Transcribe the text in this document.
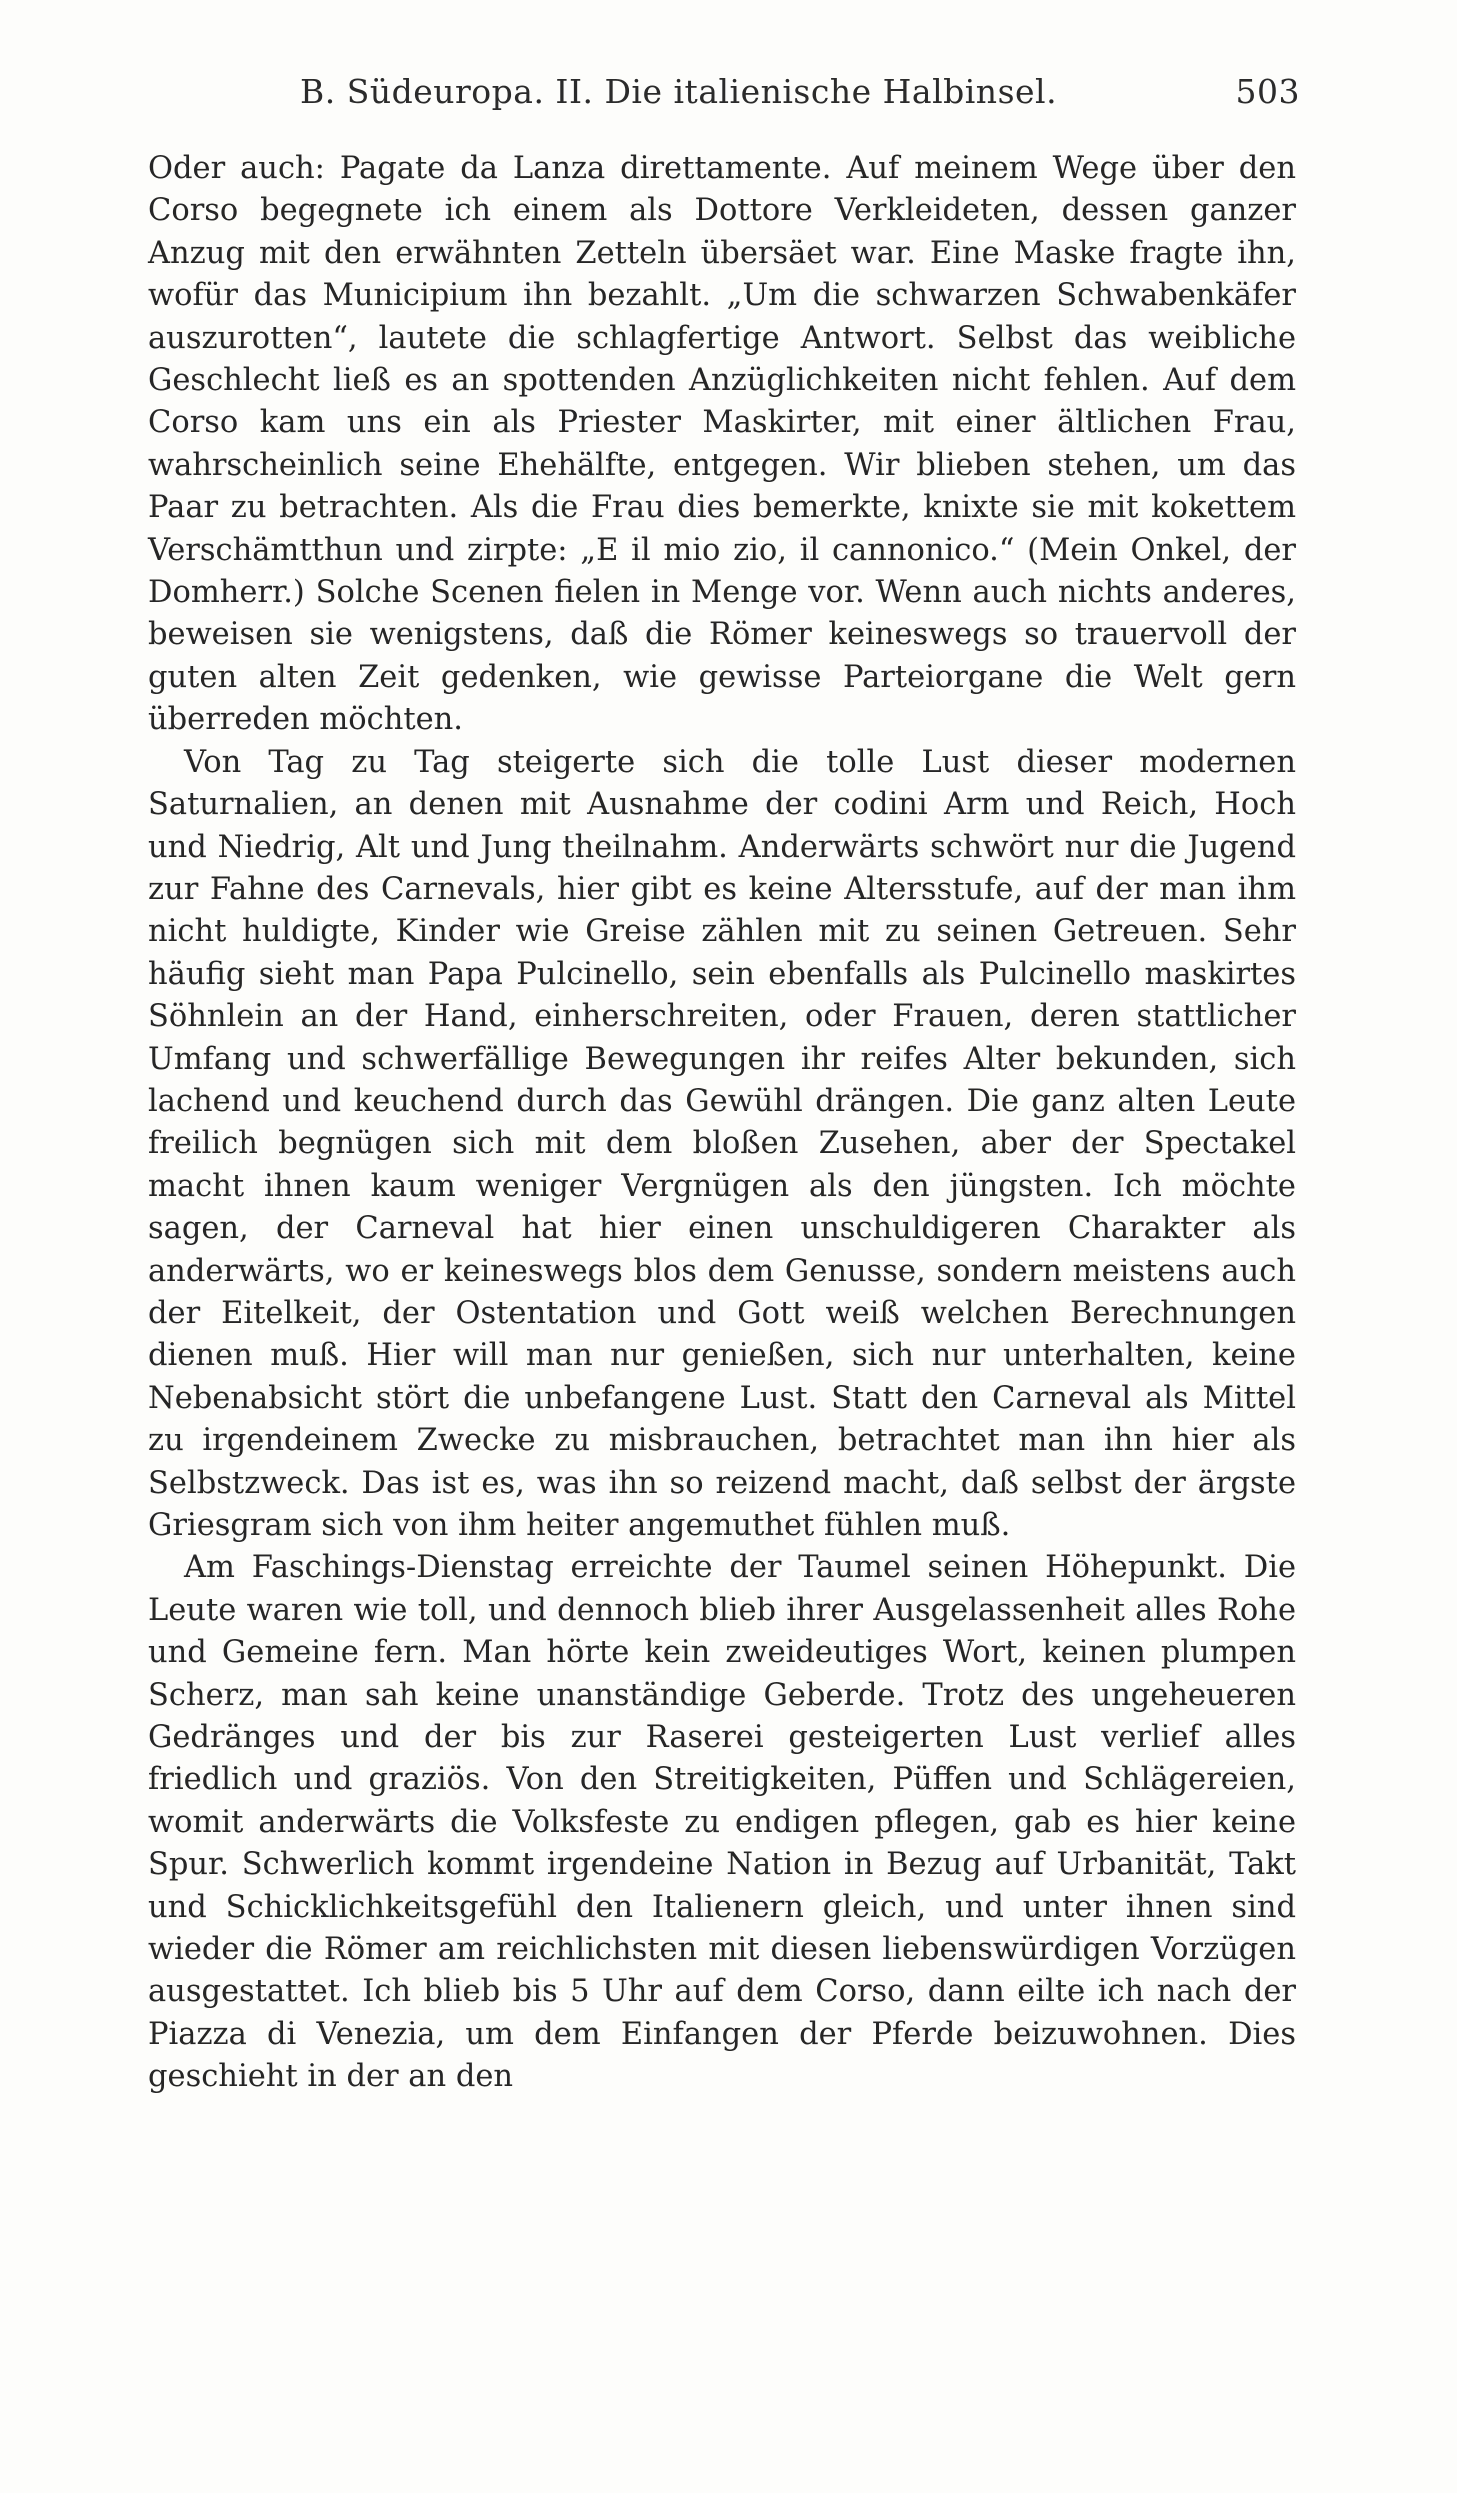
B. Südeuropa. II. Die italienische Halbinsel.	503

Oder auch: Pagate da Lanza direttamente. Auf meinem Wege über den Corso begegnete ich einem als Dottore Verkleideten, dessen ganzer Anzug mit den erwähnten Zetteln übersäet war. Eine Maske fragte ihn, wofür das Municipium ihn bezahlt. „Um die schwarzen Schwabenkäfer auszurotten“, lautete die schlagfertige Antwort. Selbst das weibliche Geschlecht ließ es an spottenden Anzüglichkeiten nicht fehlen. Auf dem Corso kam uns ein als Priester Maskirter, mit einer ältlichen Frau, wahrscheinlich seine Ehehälfte, entgegen. Wir blieben stehen, um das Paar zu betrachten. Als die Frau dies bemerkte, knixte sie mit kokettem Verschämtthun und zirpte: „E il mio zio, il cannonico.“ (Mein Onkel, der Domherr.) Solche Scenen fielen in Menge vor. Wenn auch nichts anderes, beweisen sie wenigstens, daß die Römer keineswegs so trauervoll der guten alten Zeit gedenken, wie gewisse Parteiorgane die Welt gern überreden möchten.

Von Tag zu Tag steigerte sich die tolle Lust dieser modernen Saturnalien, an denen mit Ausnahme der codini Arm und Reich, Hoch und Niedrig, Alt und Jung theilnahm. Anderwärts schwört nur die Jugend zur Fahne des Carnevals, hier gibt es keine Altersstufe, auf der man ihm nicht huldigte, Kinder wie Greise zählen mit zu seinen Getreuen. Sehr häufig sieht man Papa Pulcinello, sein ebenfalls als Pulcinello maskirtes Söhnlein an der Hand, einherschreiten, oder Frauen, deren stattlicher Umfang und schwerfällige Bewegungen ihr reifes Alter bekunden, sich lachend und keuchend durch das Gewühl drängen. Die ganz alten Leute freilich begnügen sich mit dem bloßen Zusehen, aber der Spectakel macht ihnen kaum weniger Vergnügen als den jüngsten. Ich möchte sagen, der Carneval hat hier einen unschuldigeren Charakter als anderwärts, wo er keineswegs blos dem Genusse, sondern meistens auch der Eitelkeit, der Ostentation und Gott weiß welchen Berechnungen dienen muß. Hier will man nur genießen, sich nur unterhalten, keine Nebenabsicht stört die unbefangene Lust. Statt den Carneval als Mittel zu irgendeinem Zwecke zu misbrauchen, betrachtet man ihn hier als Selbstzweck. Das ist es, was ihn so reizend macht, daß selbst der ärgste Griesgram sich von ihm heiter angemuthet fühlen muß.

Am Faschings-Dienstag erreichte der Taumel seinen Höhepunkt. Die Leute waren wie toll, und dennoch blieb ihrer Ausgelassenheit alles Rohe und Gemeine fern. Man hörte kein zweideutiges Wort, keinen plumpen Scherz, man sah keine unanständige Geberde. Trotz des ungeheueren Gedränges und der bis zur Raserei gesteigerten Lust verlief alles friedlich und graziös. Von den Streitigkeiten, Püffen und Schlägereien, womit anderwärts die Volksfeste zu endigen pflegen, gab es hier keine Spur. Schwerlich kommt irgendeine Nation in Bezug auf Urbanität, Takt und Schicklichkeitsgefühl den Italienern gleich, und unter ihnen sind wieder die Römer am reichlichsten mit diesen liebenswürdigen Vorzügen ausgestattet. Ich blieb bis 5 Uhr auf dem Corso, dann eilte ich nach der Piazza di Venezia, um dem Einfangen der Pferde beizuwohnen. Dies geschieht in der an den
